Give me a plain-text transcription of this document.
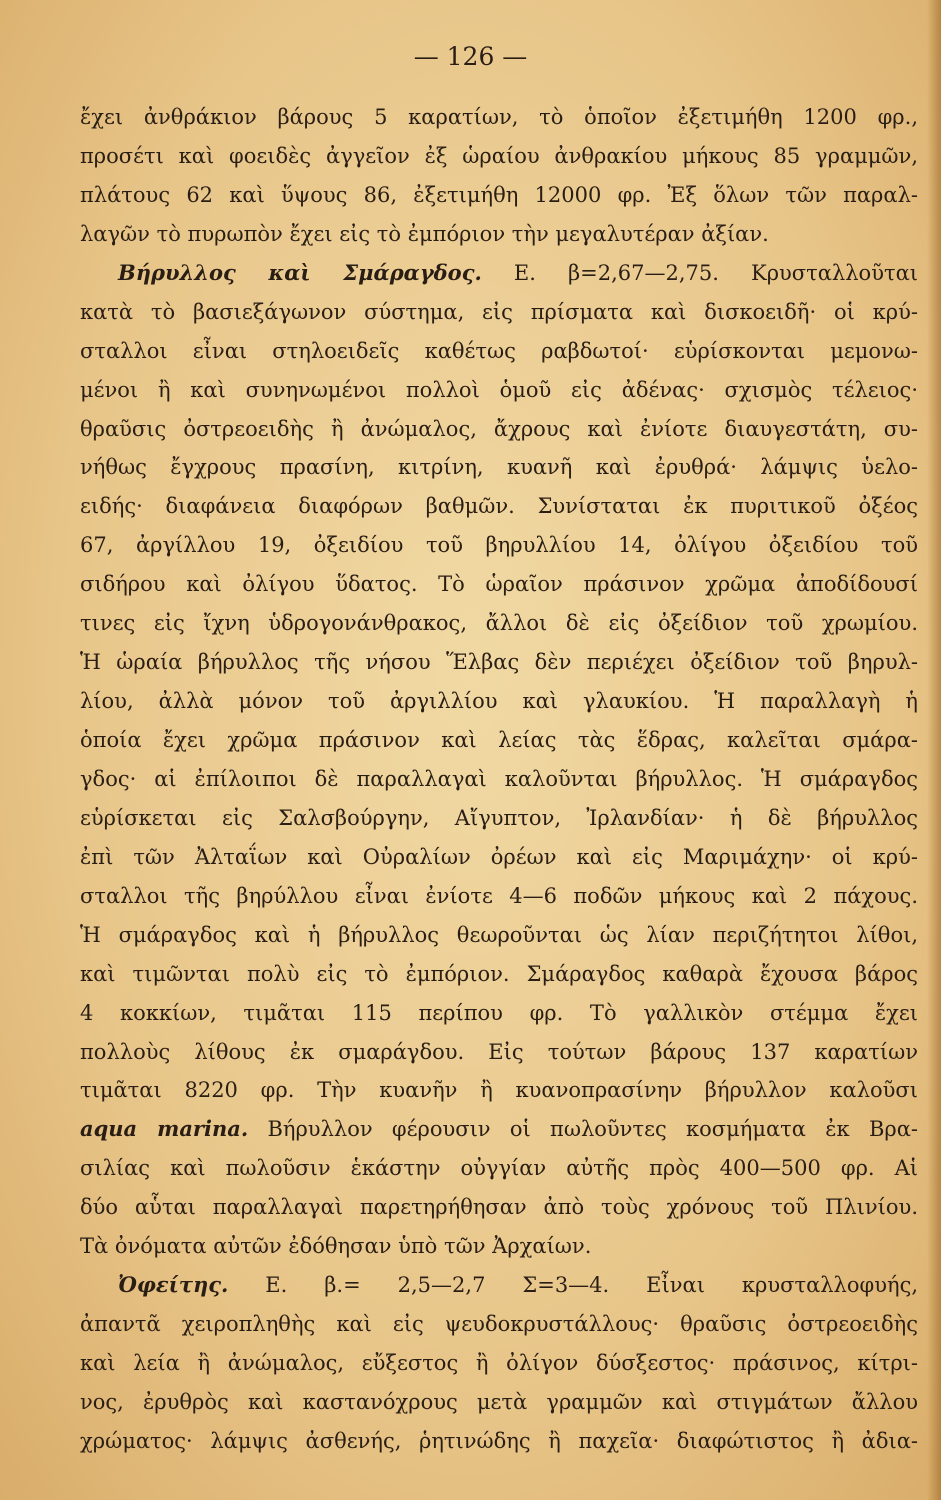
— 126 —
ἔχει ἀνθράκιον βάρους 5 καρατίων, τὸ ὁποῖον ἐξετιμήθη 1200 φρ.,
προσέτι καὶ φοειδὲς ἀγγεῖον ἐξ ὡραίου ἀνθρακίου μήκους 85 γραμμῶν,
πλάτους 62 καὶ ὕψους 86, ἐξετιμήθη 12000 φρ. Ἐξ ὅλων τῶν παραλ-
λαγῶν τὸ πυρωπὸν ἔχει εἰς τὸ ἐμπόριον τὴν μεγαλυτέραν ἀξίαν.
Βήρυλλος καὶ Σμάραγδος. Ε. β=2,67—2,75. Κρυσταλλοῦται
κατὰ τὸ βασιεξάγωνον σύστημα, εἰς πρίσματα καὶ δισκοειδῆ· οἱ κρύ-
σταλλοι εἶναι στηλοειδεῖς καθέτως ραβδωτοί· εὑρίσκονται μεμονω-
μένοι ἢ καὶ συνηνωμένοι πολλοὶ ὁμοῦ εἰς ἀδένας· σχισμὸς τέλειος·
θραῦσις ὀστρεοειδὴς ἢ ἀνώμαλος, ἄχρους καὶ ἐνίοτε διαυγεστάτη, συ-
νήθως ἔγχρους πρασίνη, κιτρίνη, κυανῆ καὶ ἐρυθρά· λάμψις ὑελο-
ειδής· διαφάνεια διαφόρων βαθμῶν. Συνίσταται ἐκ πυριτικοῦ ὀξέος
67, ἀργίλλου 19, ὀξειδίου τοῦ βηρυλλίου 14, ὀλίγου ὀξειδίου τοῦ
σιδήρου καὶ ὀλίγου ὕδατος. Τὸ ὡραῖον πράσινον χρῶμα ἀποδίδουσί
τινες εἰς ἴχνη ὑδρογονάνθρακος, ἄλλοι δὲ εἰς ὀξείδιον τοῦ χρωμίου.
Ἡ ὡραία βήρυλλος τῆς νήσου Ἕλβας δὲν περιέχει ὀξείδιον τοῦ βηρυλ-
λίου, ἀλλὰ μόνον τοῦ ἀργιλλίου καὶ γλαυκίου. Ἡ παραλλαγὴ ἡ
ὁποία ἔχει χρῶμα πράσινον καὶ λείας τὰς ἕδρας, καλεῖται σμάρα-
γδος· αἱ ἐπίλοιποι δὲ παραλλαγαὶ καλοῦνται βήρυλλος. Ἡ σμάραγδος
εὑρίσκεται εἰς Σαλσβούργην, Αἴγυπτον, Ἰρλανδίαν· ἡ δὲ βήρυλλος
ἐπὶ τῶν Ἀλταΐων καὶ Οὐραλίων ὀρέων καὶ εἰς Μαριμάχην· οἱ κρύ-
σταλλοι τῆς βηρύλλου εἶναι ἐνίοτε 4—6 ποδῶν μήκους καὶ 2 πάχους.
Ἡ σμάραγδος καὶ ἡ βήρυλλος θεωροῦνται ὡς λίαν περιζήτητοι λίθοι,
καὶ τιμῶνται πολὺ εἰς τὸ ἐμπόριον. Σμάραγδος καθαρὰ ἔχουσα βάρος
4 κοκκίων, τιμᾶται 115 περίπου φρ. Τὸ γαλλικὸν στέμμα ἔχει
πολλοὺς λίθους ἐκ σμαράγδου. Εἰς τούτων βάρους 137 καρατίων
τιμᾶται 8220 φρ. Τὴν κυανῆν ἢ κυανοπρασίνην βήρυλλον καλοῦσι
aqua marina. Βήρυλλον φέρουσιν οἱ πωλοῦντες κοσμήματα ἐκ Βρα-
σιλίας καὶ πωλοῦσιν ἑκάστην οὐγγίαν αὐτῆς πρὸς 400—500 φρ. Αἱ
δύο αὗται παραλλαγαὶ παρετηρήθησαν ἀπὸ τοὺς χρόνους τοῦ Πλινίου.
Τὰ ὀνόματα αὐτῶν ἐδόθησαν ὑπὸ τῶν Ἀρχαίων.
Ὀφείτης. Ε. β.= 2,5—2,7 Σ=3—4. Εἶναι κρυσταλλοφυής,
ἀπαντᾶ χειροπληθὴς καὶ εἰς ψευδοκρυστάλλους· θραῦσις ὀστρεοειδὴς
καὶ λεία ἢ ἀνώμαλος, εὔξεστος ἢ ὀλίγον δύσξεστος· πράσινος, κίτρι-
νος, ἐρυθρὸς καὶ καστανόχρους μετὰ γραμμῶν καὶ στιγμάτων ἄλλου
χρώματος· λάμψις ἀσθενής, ῥητινώδης ἢ παχεῖα· διαφώτιστος ἢ ἀδια-
